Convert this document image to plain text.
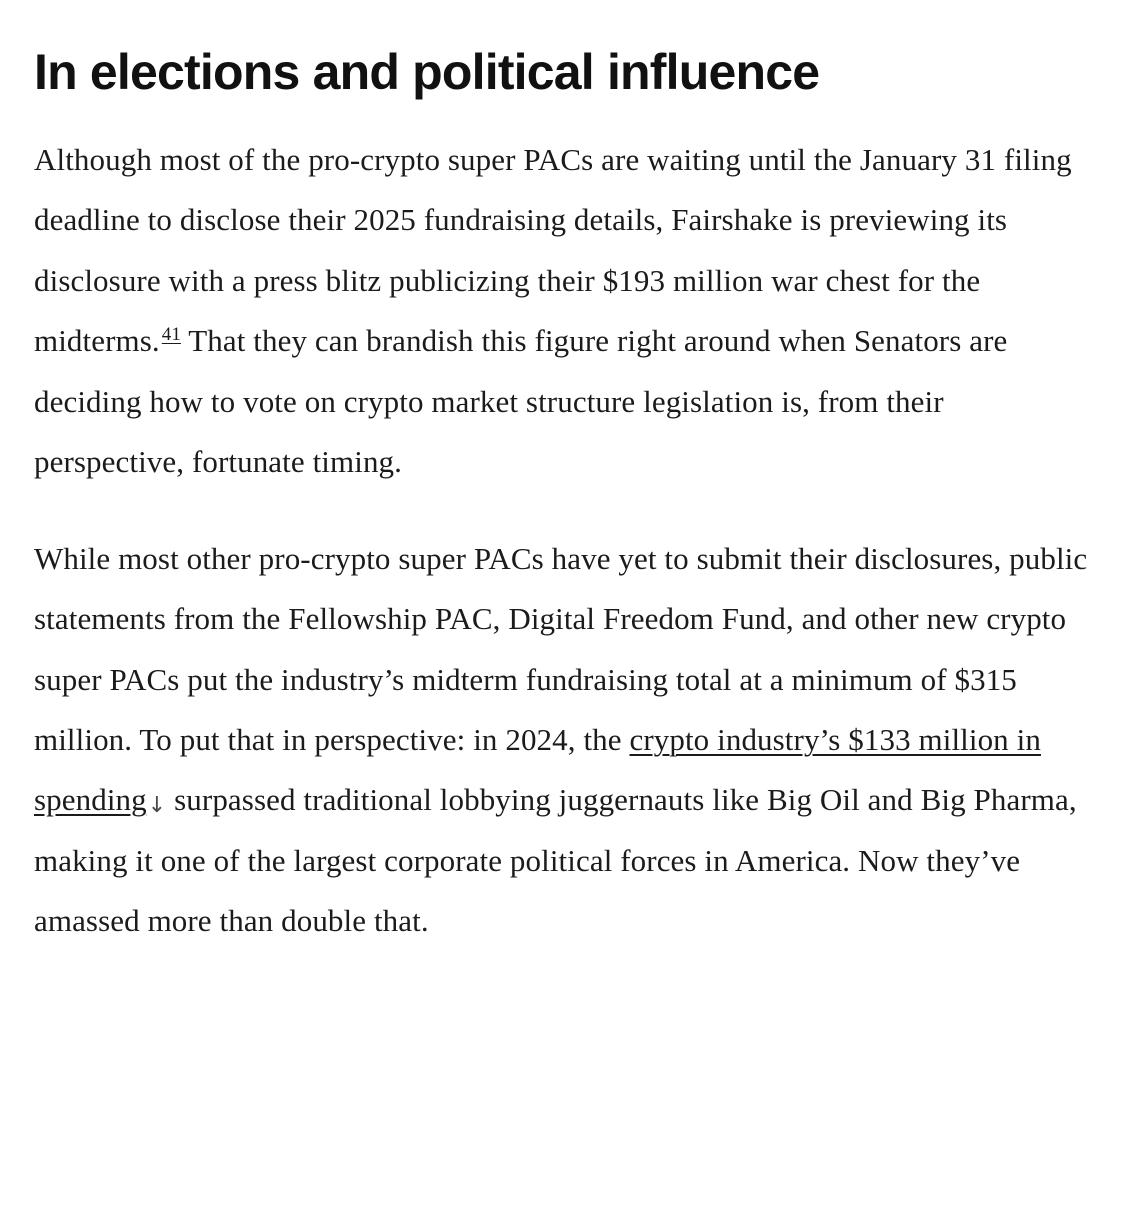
In elections and political influence

Although most of the pro-crypto super PACs are waiting until the January 31 filing deadline to disclose their 2025 fundraising details, Fairshake is previewing its disclosure with a press blitz publicizing their $193 million war chest for the midterms. $^{41}$ That they can brandish this figure right around when Senators are deciding how to vote on crypto market structure legislation is, from their perspective, fortunate timing.

While most other pro-crypto super PACs have yet to submit their disclosures, public statements from the Fellowship PAC, Digital Freedom Fund, and other new crypto super PACs put the industry’s midterm fundraising total at a minimum of $315 million. To put that in perspective: in 2024, the crypto industry’s $133 million in spending↓ surpassed traditional lobbying juggernauts like Big Oil and Big Pharma, making it one of the largest corporate political forces in America. Now they’ve amassed more than double that.
